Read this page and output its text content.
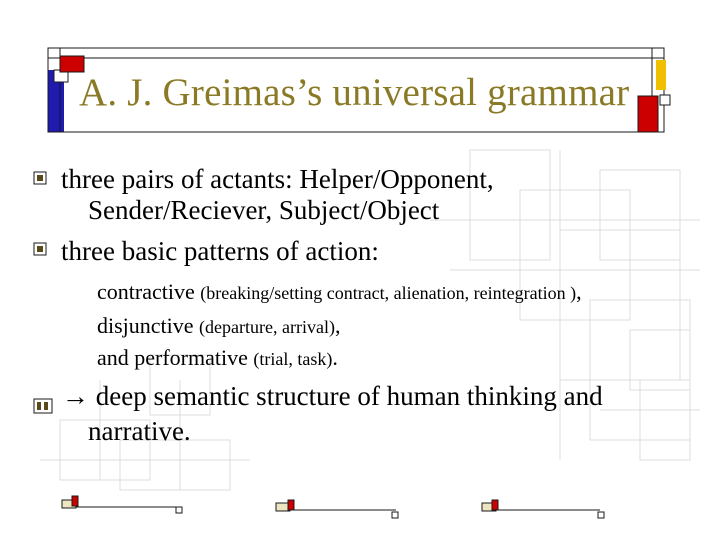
A. J. Greimas’s universal grammar
three pairs of actants: Helper/Opponent,
Sender/Reciever, Subject/Object
three basic patterns of action:
contractive (breaking/setting contract, alienation, reintegration ),
disjunctive (departure, arrival),
and performative (trial, task).
→ deep semantic structure of human thinking and
narrative.
